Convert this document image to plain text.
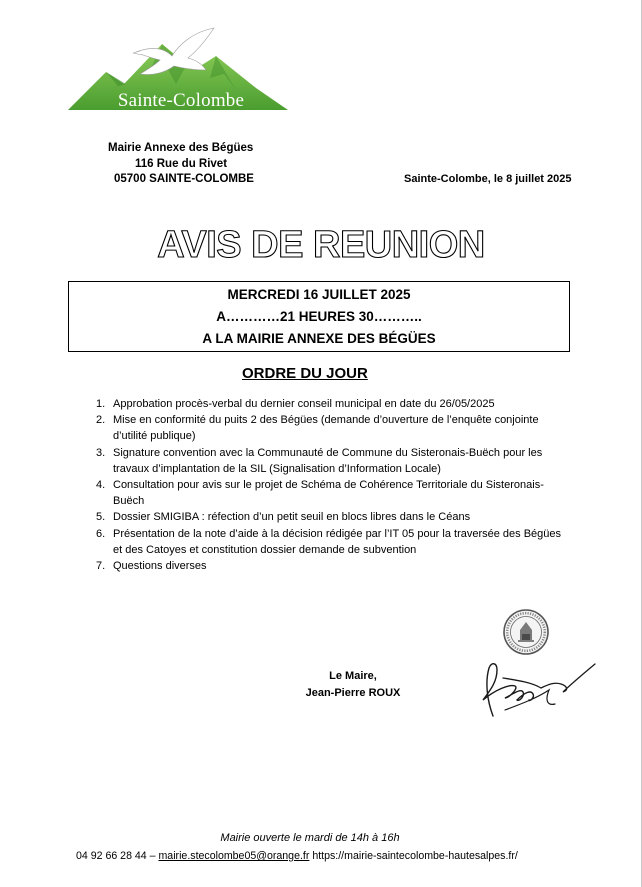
Sainte-Colombe
Mairie Annexe des Bégües
116 Rue du Rivet
05700 SAINTE-COLOMBE	Sainte-Colombe, le 8 juillet 2025
AVIS DE REUNION
MERCREDI 16 JUILLET 2025
A…………21 HEURES 30………..
A LA MAIRIE ANNEXE DES BÉGÜES
ORDRE DU JOUR
1. Approbation procès-verbal du dernier conseil municipal en date du 26/05/2025
2. Mise en conformité du puits 2 des Bégües (demande d’ouverture de l’enquête conjointe d’utilité publique)
3. Signature convention avec la Communauté de Commune du Sisteronais-Buëch pour les travaux d’implantation de la SIL (Signalisation d’Information Locale)
4. Consultation pour avis sur le projet de Schéma de Cohérence Territoriale du Sisteronais-Buëch
5. Dossier SMIGIBA : réfection d’un petit seuil en blocs libres dans le Céans
6. Présentation de la note d’aide à la décision rédigée par l’IT 05 pour la traversée des Bégües et des Catoyes et constitution dossier demande de subvention
7. Questions diverses
Le Maire,
Jean-Pierre ROUX
Mairie ouverte le mardi de 14h à 16h
04 92 66 28 44 – mairie.stecolombe05@orange.fr https://mairie-saintecolombe-hautesalpes.fr/
